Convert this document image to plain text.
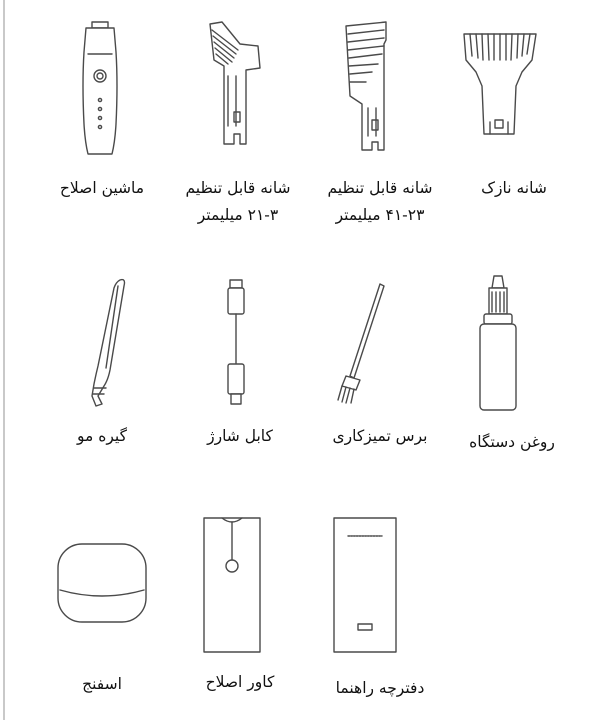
ماشین اصلاح	شانه قابل تنظیم
۲۱-۳ میلیمتر
شانه قابل تنظیم
۴۱-۲۳ میلیمتر
شانه نازک
گیره مو	کابل شارژ	برس تمیزکاری	روغن دستگاه
اسفنج	کاور اصلاح	دفترچه راهنما
